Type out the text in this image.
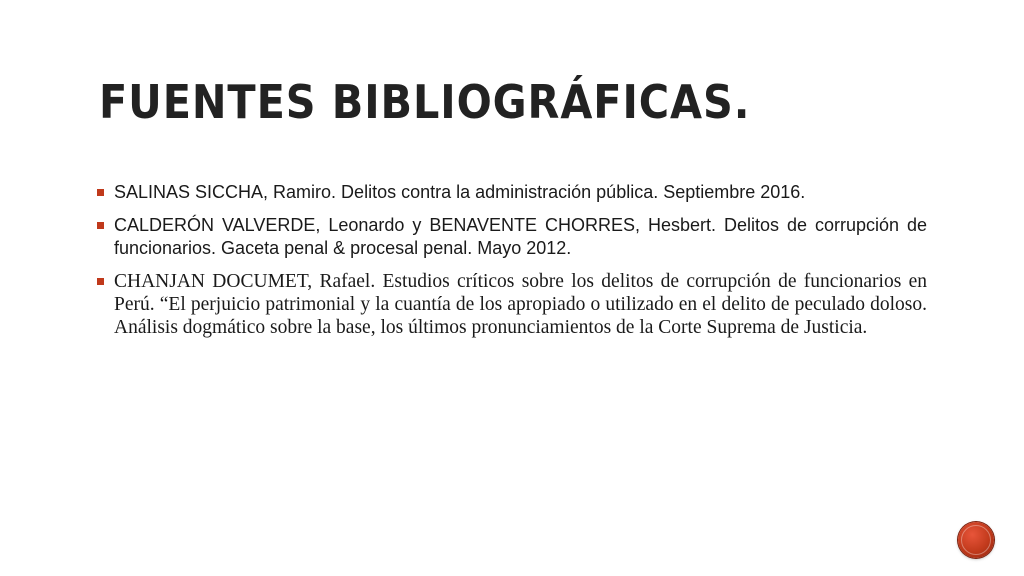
FUENTES BIBLIOGRÁFICAS.
SALINAS SICCHA, Ramiro. Delitos contra la administración pública. Septiembre 2016.
CALDERÓN VALVERDE, Leonardo y BENAVENTE CHORRES, Hesbert. Delitos de corrupción de funcionarios. Gaceta penal & procesal penal. Mayo 2012.
CHANJAN DOCUMET, Rafael. Estudios críticos sobre los delitos de corrupción de funcionarios en Perú. “El perjuicio patrimonial y la cuantía de los apropiado o utilizado en el delito de peculado doloso. Análisis dogmático sobre la base, los últimos pronunciamientos de la Corte Suprema de Justicia.
